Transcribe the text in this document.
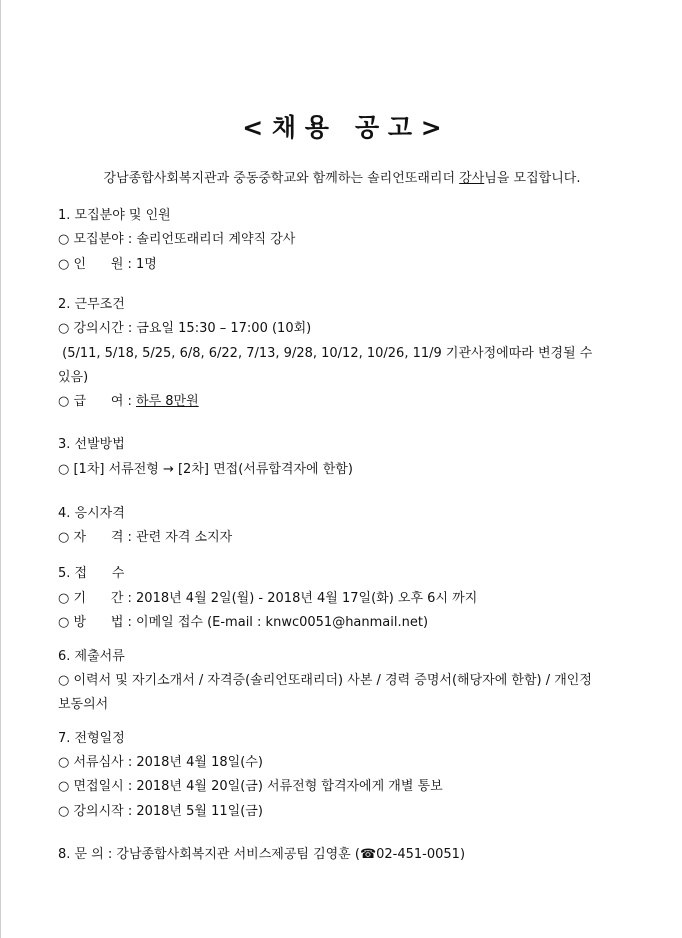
< 채 용   공 고 >
강남종합사회복지관과 중동중학교와 함께하는 솔리언또래리더 강사님을 모집합니다.
1. 모집분야 및 인원
○ 모집분야 : 솔리언또래리더 계약직 강사
○ 인      원 : 1명
2. 근무조건
○ 강의시간 : 금요일 15:30 – 17:00 (10회)
(5/11, 5/18, 5/25, 6/8, 6/22, 7/13, 9/28, 10/12, 10/26, 11/9 기관사정에따라 변경될 수
있음)
○ 급      여 : 하루 8만원
3. 선발방법
○ [1차] 서류전형 → [2차] 면접(서류합격자에 한함)
4. 응시자격
○ 자      격 : 관련 자격 소지자
5. 접      수
○ 기      간 : 2018년 4월 2일(월) - 2018년 4월 17일(화) 오후 6시 까지
○ 방      법 : 이메일 접수 (E-mail : knwc0051@hanmail.net)
6. 제출서류
○ 이력서 및 자기소개서 / 자격증(솔리언또래리더) 사본 / 경력 증명서(해당자에 한함) / 개인정
보동의서
7. 전형일정
○ 서류심사 : 2018년 4월 18일(수)
○ 면접일시 : 2018년 4월 20일(금) 서류전형 합격자에게 개별 통보
○ 강의시작 : 2018년 5월 11일(금)
8. 문 의 : 강남종합사회복지관 서비스제공팀 김영훈 (☎02-451-0051)
